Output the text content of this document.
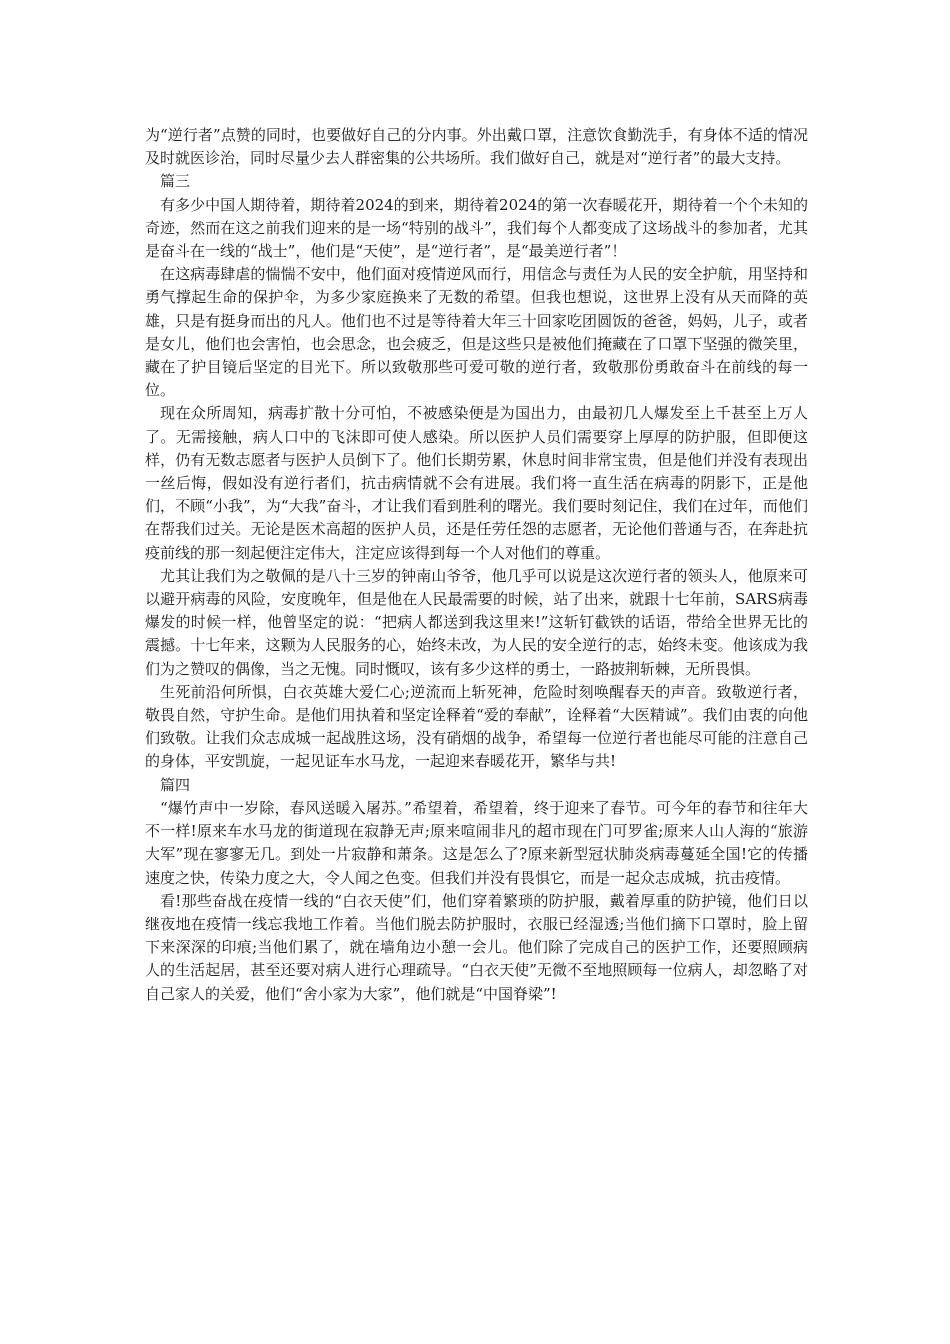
为“逆行者”点赞的同时，也要做好自己的分内事。外出戴口罩，注意饮食勤洗手，有身体不适的情况及时就医诊治，同时尽量少去人群密集的公共场所。我们做好自己，就是对“逆行者”的最大支持。

篇三

有多少中国人期待着，期待着2024的到来，期待着2024的第一次春暖花开，期待着一个个未知的奇迹，然而在这之前我们迎来的是一场“特别的战斗”，我们每个人都变成了这场战斗的参加者，尤其是奋斗在一线的“战士”，他们是“天使”，是“逆行者”，是“最美逆行者”！

在这病毒肆虐的惴惴不安中，他们面对疫情逆风而行，用信念与责任为人民的安全护航，用坚持和勇气撑起生命的保护伞，为多少家庭换来了无数的希望。但我也想说，这世界上没有从天而降的英雄，只是有挺身而出的凡人。他们也不过是等待着大年三十回家吃团圆饭的爸爸，妈妈，儿子，或者是女儿，他们也会害怕，也会思念，也会疲乏，但是这些只是被他们掩藏在了口罩下坚强的微笑里，藏在了护目镜后坚定的目光下。所以致敬那些可爱可敬的逆行者，致敬那份勇敢奋斗在前线的每一位。

现在众所周知，病毒扩散十分可怕，不被感染便是为国出力，由最初几人爆发至上千甚至上万人了。无需接触，病人口中的飞沫即可使人感染。所以医护人员们需要穿上厚厚的防护服，但即便这样，仍有无数志愿者与医护人员倒下了。他们长期劳累，休息时间非常宝贵，但是他们并没有表现出一丝后悔，假如没有逆行者们，抗击病情就不会有进展。我们将一直生活在病毒的阴影下，正是他们，不顾“小我”，为“大我”奋斗，才让我们看到胜利的曙光。我们要时刻记住，我们在过年，而他们在帮我们过关。无论是医术高超的医护人员，还是任劳任怨的志愿者，无论他们普通与否，在奔赴抗疫前线的那一刻起便注定伟大，注定应该得到每一个人对他们的尊重。

尤其让我们为之敬佩的是八十三岁的钟南山爷爷，他几乎可以说是这次逆行者的领头人，他原来可以避开病毒的风险，安度晚年，但是他在人民最需要的时候，站了出来，就跟十七年前，SARS病毒爆发的时候一样，他曾坚定的说：“把病人都送到我这里来!”这斩钉截铁的话语，带给全世界无比的震撼。十七年来，这颗为人民服务的心，始终未改，为人民的安全逆行的志，始终未变。他该成为我们为之赞叹的偶像，当之无愧。同时慨叹，该有多少这样的勇士，一路披荆斩棘，无所畏惧。

生死前沿何所惧，白衣英雄大爱仁心;逆流而上斩死神，危险时刻唤醒春天的声音。致敬逆行者，敬畏自然，守护生命。是他们用执着和坚定诠释着“爱的奉献”，诠释着“大医精诚”。我们由衷的向他们致敬。让我们众志成城一起战胜这场，没有硝烟的战争，希望每一位逆行者也能尽可能的注意自己的身体，平安凯旋，一起见证车水马龙，一起迎来春暖花开，繁华与共!

篇四

“爆竹声中一岁除，春风送暖入屠苏。”希望着，希望着，终于迎来了春节。可今年的春节和往年大不一样!原来车水马龙的街道现在寂静无声;原来喧闹非凡的超市现在门可罗雀;原来人山人海的“旅游大军”现在寥寥无几。到处一片寂静和萧条。这是怎么了?原来新型冠状肺炎病毒蔓延全国!它的传播速度之快，传染力度之大，令人闻之色变。但我们并没有畏惧它，而是一起众志成城，抗击疫情。

看!那些奋战在疫情一线的“白衣天使”们，他们穿着繁琐的防护服，戴着厚重的防护镜，他们日以继夜地在疫情一线忘我地工作着。当他们脱去防护服时，衣服已经湿透;当他们摘下口罩时，脸上留下来深深的印痕;当他们累了，就在墙角边小憩一会儿。他们除了完成自己的医护工作，还要照顾病人的生活起居，甚至还要对病人进行心理疏导。“白衣天使”无微不至地照顾每一位病人，却忽略了对自己家人的关爱，他们“舍小家为大家”，他们就是“中国脊梁”!
